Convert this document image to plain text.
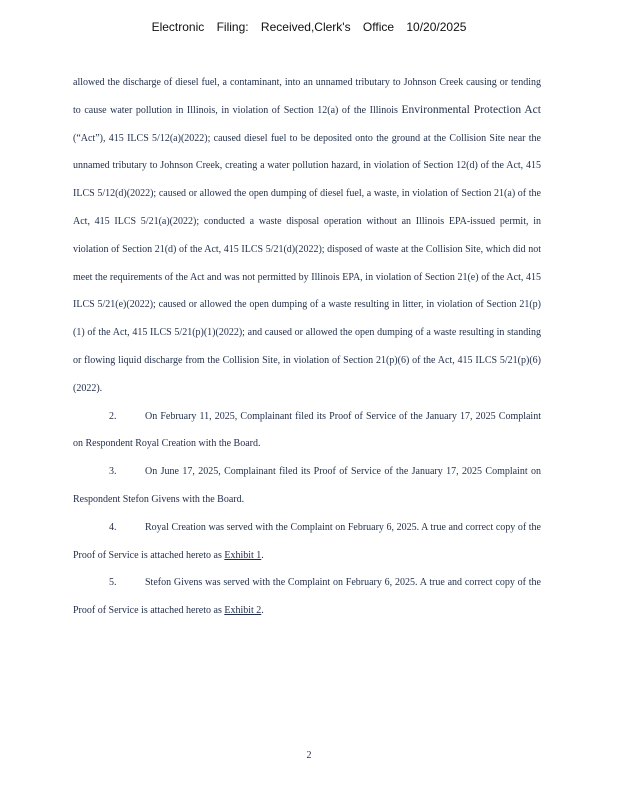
Electronic Filing: Received,Clerk's Office 10/20/2025

allowed the discharge of diesel fuel, a contaminant, into an unnamed tributary to Johnson Creek causing or tending to cause water pollution in Illinois, in violation of Section 12(a) of the Illinois Environmental Protection Act (“Act”), 415 ILCS 5/12(a)(2022); caused diesel fuel to be deposited onto the ground at the Collision Site near the unnamed tributary to Johnson Creek, creating a water pollution hazard, in violation of Section 12(d) of the Act, 415 ILCS 5/12(d)(2022); caused or allowed the open dumping of diesel fuel, a waste, in violation of Section 21(a) of the Act, 415 ILCS 5/21(a)(2022); conducted a waste disposal operation without an Illinois EPA-issued permit, in violation of Section 21(d) of the Act, 415 ILCS 5/21(d)(2022); disposed of waste at the Collision Site, which did not meet the requirements of the Act and was not permitted by Illinois EPA, in violation of Section 21(e) of the Act, 415 ILCS 5/21(e)(2022); caused or allowed the open dumping of a waste resulting in litter, in violation of Section 21(p)(1) of the Act, 415 ILCS 5/21(p)(1)(2022); and caused or allowed the open dumping of a waste resulting in standing or flowing liquid discharge from the Collision Site, in violation of Section 21(p)(6) of the Act, 415 ILCS 5/21(p)(6)(2022).

2.	On February 11, 2025, Complainant filed its Proof of Service of the January 17, 2025 Complaint on Respondent Royal Creation with the Board.

3.	On June 17, 2025, Complainant filed its Proof of Service of the January 17, 2025 Complaint on Respondent Stefon Givens with the Board.

4.	Royal Creation was served with the Complaint on February 6, 2025. A true and correct copy of the Proof of Service is attached hereto as Exhibit 1.

5.	Stefon Givens was served with the Complaint on February 6, 2025. A true and correct copy of the Proof of Service is attached hereto as Exhibit 2.

2
